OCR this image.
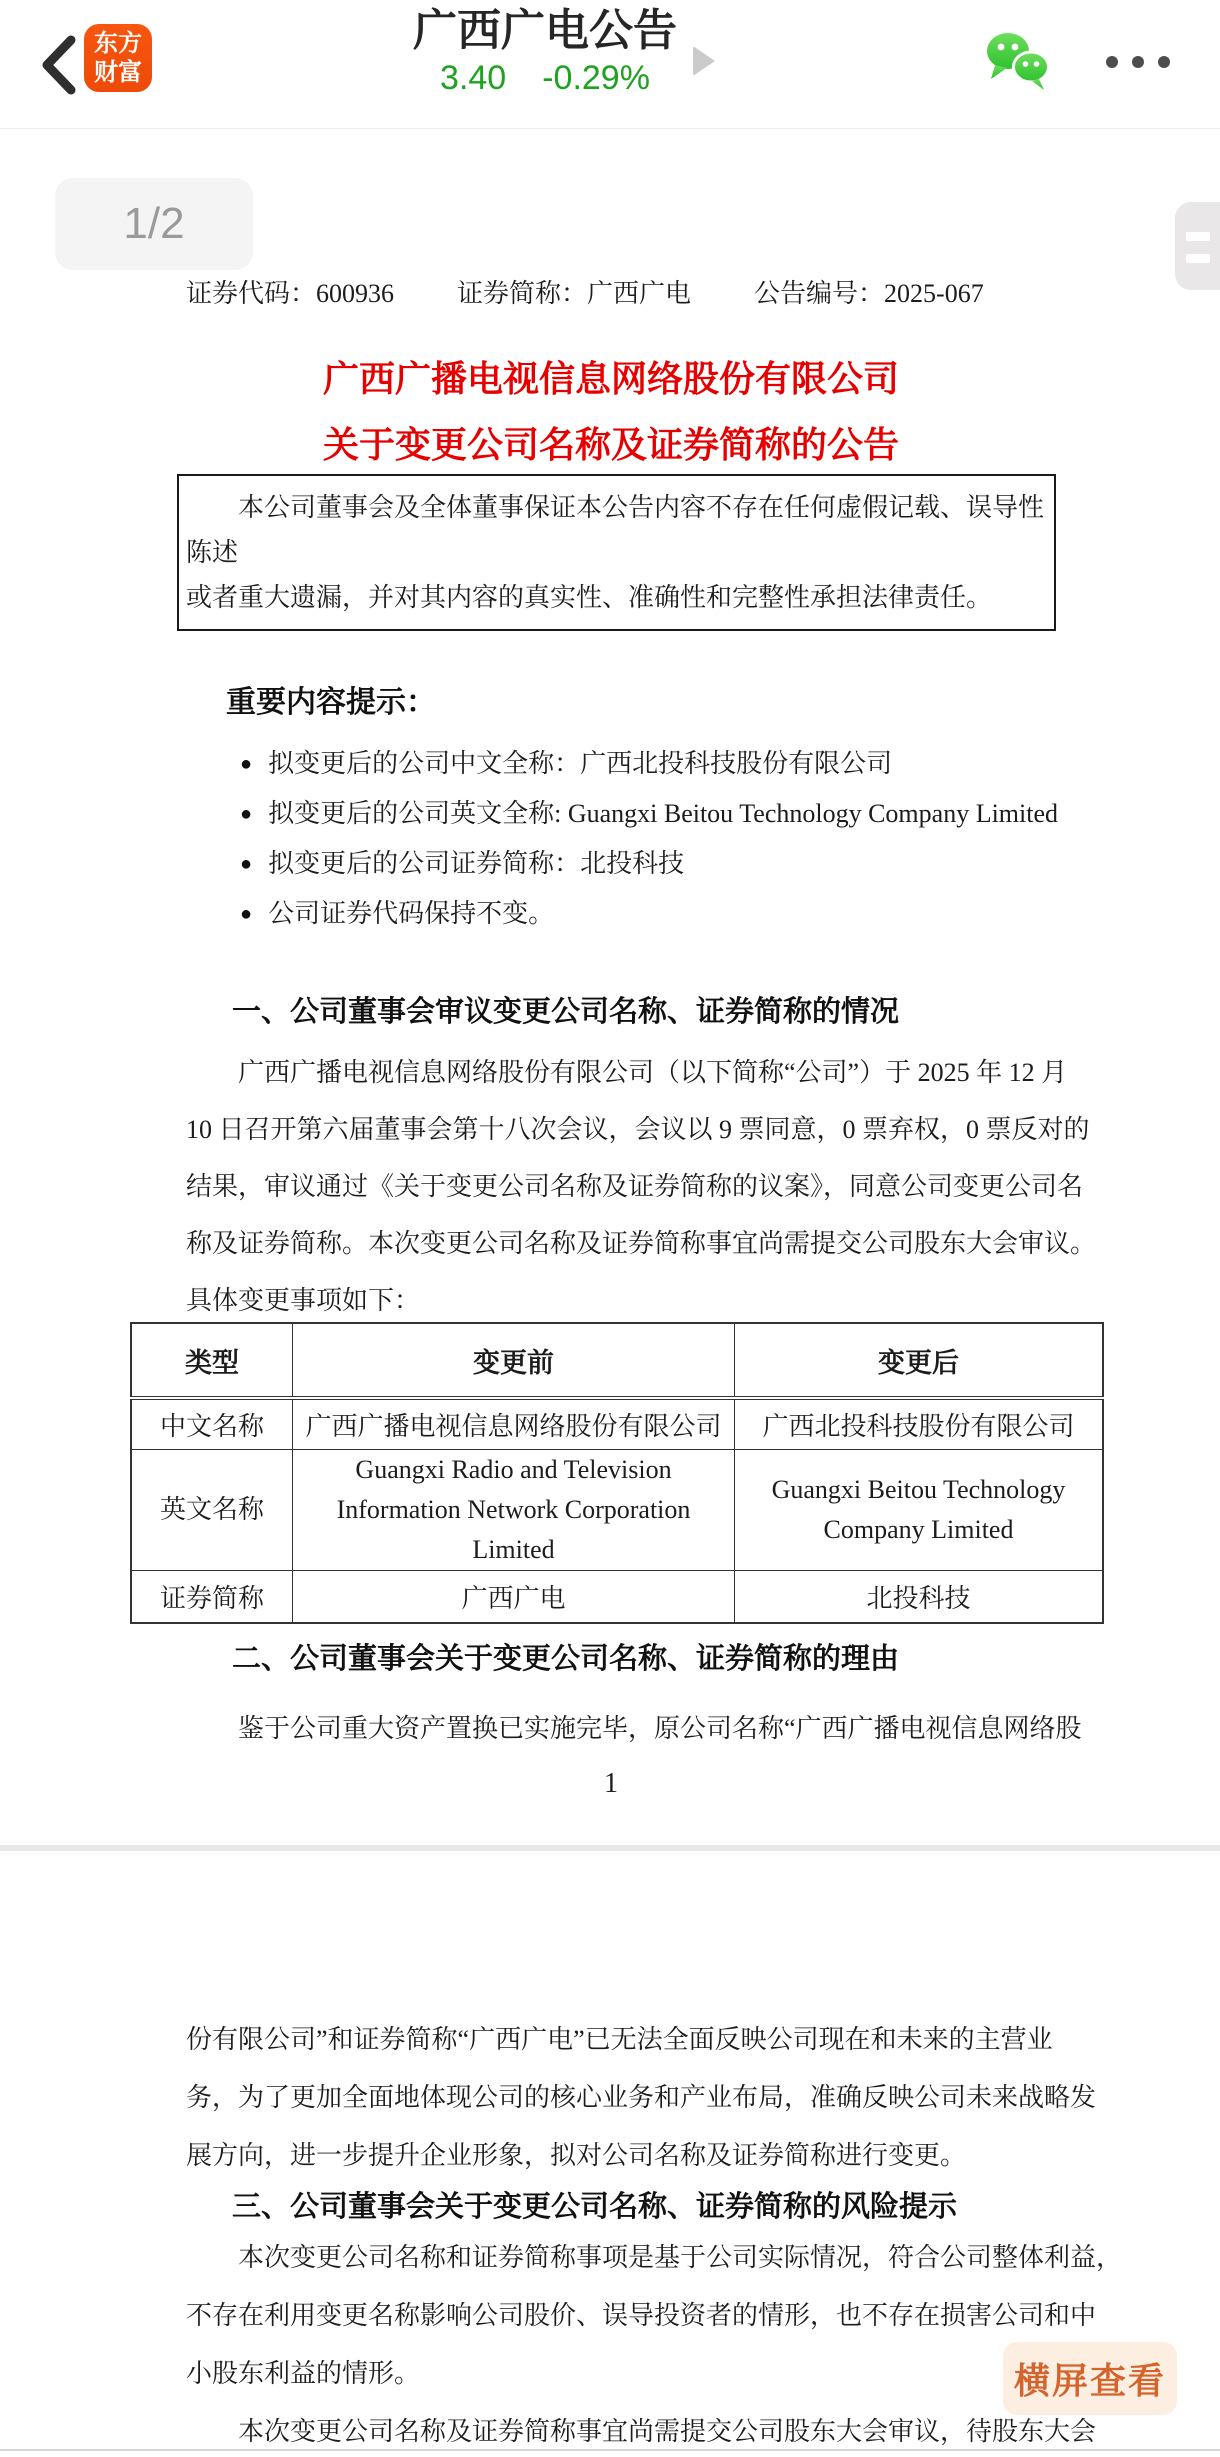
东方
财富
广西广电公告
3.40 -0.29%
1/2
横屏查看
证券代码：600936 证券简称：广西广电 公告编号：2025-067
广西广播电视信息网络股份有限公司
关于变更公司名称及证券简称的公告
　　本公司董事会及全体董事保证本公告内容不存在任何虚假记载、误导性陈述
或者重大遗漏，并对其内容的真实性、准确性和完整性承担法律责任。
重要内容提示：
● 拟变更后的公司中文全称：广西北投科技股份有限公司
● 拟变更后的公司英文全称: Guangxi Beitou Technology Company Limited
● 拟变更后的公司证券简称：北投科技
● 公司证券代码保持不变。
一、公司董事会审议变更公司名称、证券简称的情况
　　广西广播电视信息网络股份有限公司（以下简称“公司”）于 2025 年 12 月
10 日召开第六届董事会第十八次会议，会议以 9 票同意，0 票弃权，0 票反对的
结果，审议通过《关于变更公司名称及证券简称的议案》，同意公司变更公司名
称及证券简称。本次变更公司名称及证券简称事宜尚需提交公司股东大会审议。
具体变更事项如下：
类型	变更前	变更后
中文名称	广西广播电视信息网络股份有限公司	广西北投科技股份有限公司
英文名称	Guangxi Radio and Television Information Network Corporation Limited	Guangxi Beitou Technology Company Limited
证券简称	广西广电	北投科技
二、公司董事会关于变更公司名称、证券简称的理由
　　鉴于公司重大资产置换已实施完毕，原公司名称“广西广播电视信息网络股
1
份有限公司”和证券简称“广西广电”已无法全面反映公司现在和未来的主营业
务，为了更加全面地体现公司的核心业务和产业布局，准确反映公司未来战略发
展方向，进一步提升企业形象，拟对公司名称及证券简称进行变更。
三、公司董事会关于变更公司名称、证券简称的风险提示
　　本次变更公司名称和证券简称事项是基于公司实际情况，符合公司整体利益，
不存在利用变更名称影响公司股价、误导投资者的情形，也不存在损害公司和中
小股东利益的情形。
　　本次变更公司名称及证券简称事宜尚需提交公司股东大会审议，待股东大会
